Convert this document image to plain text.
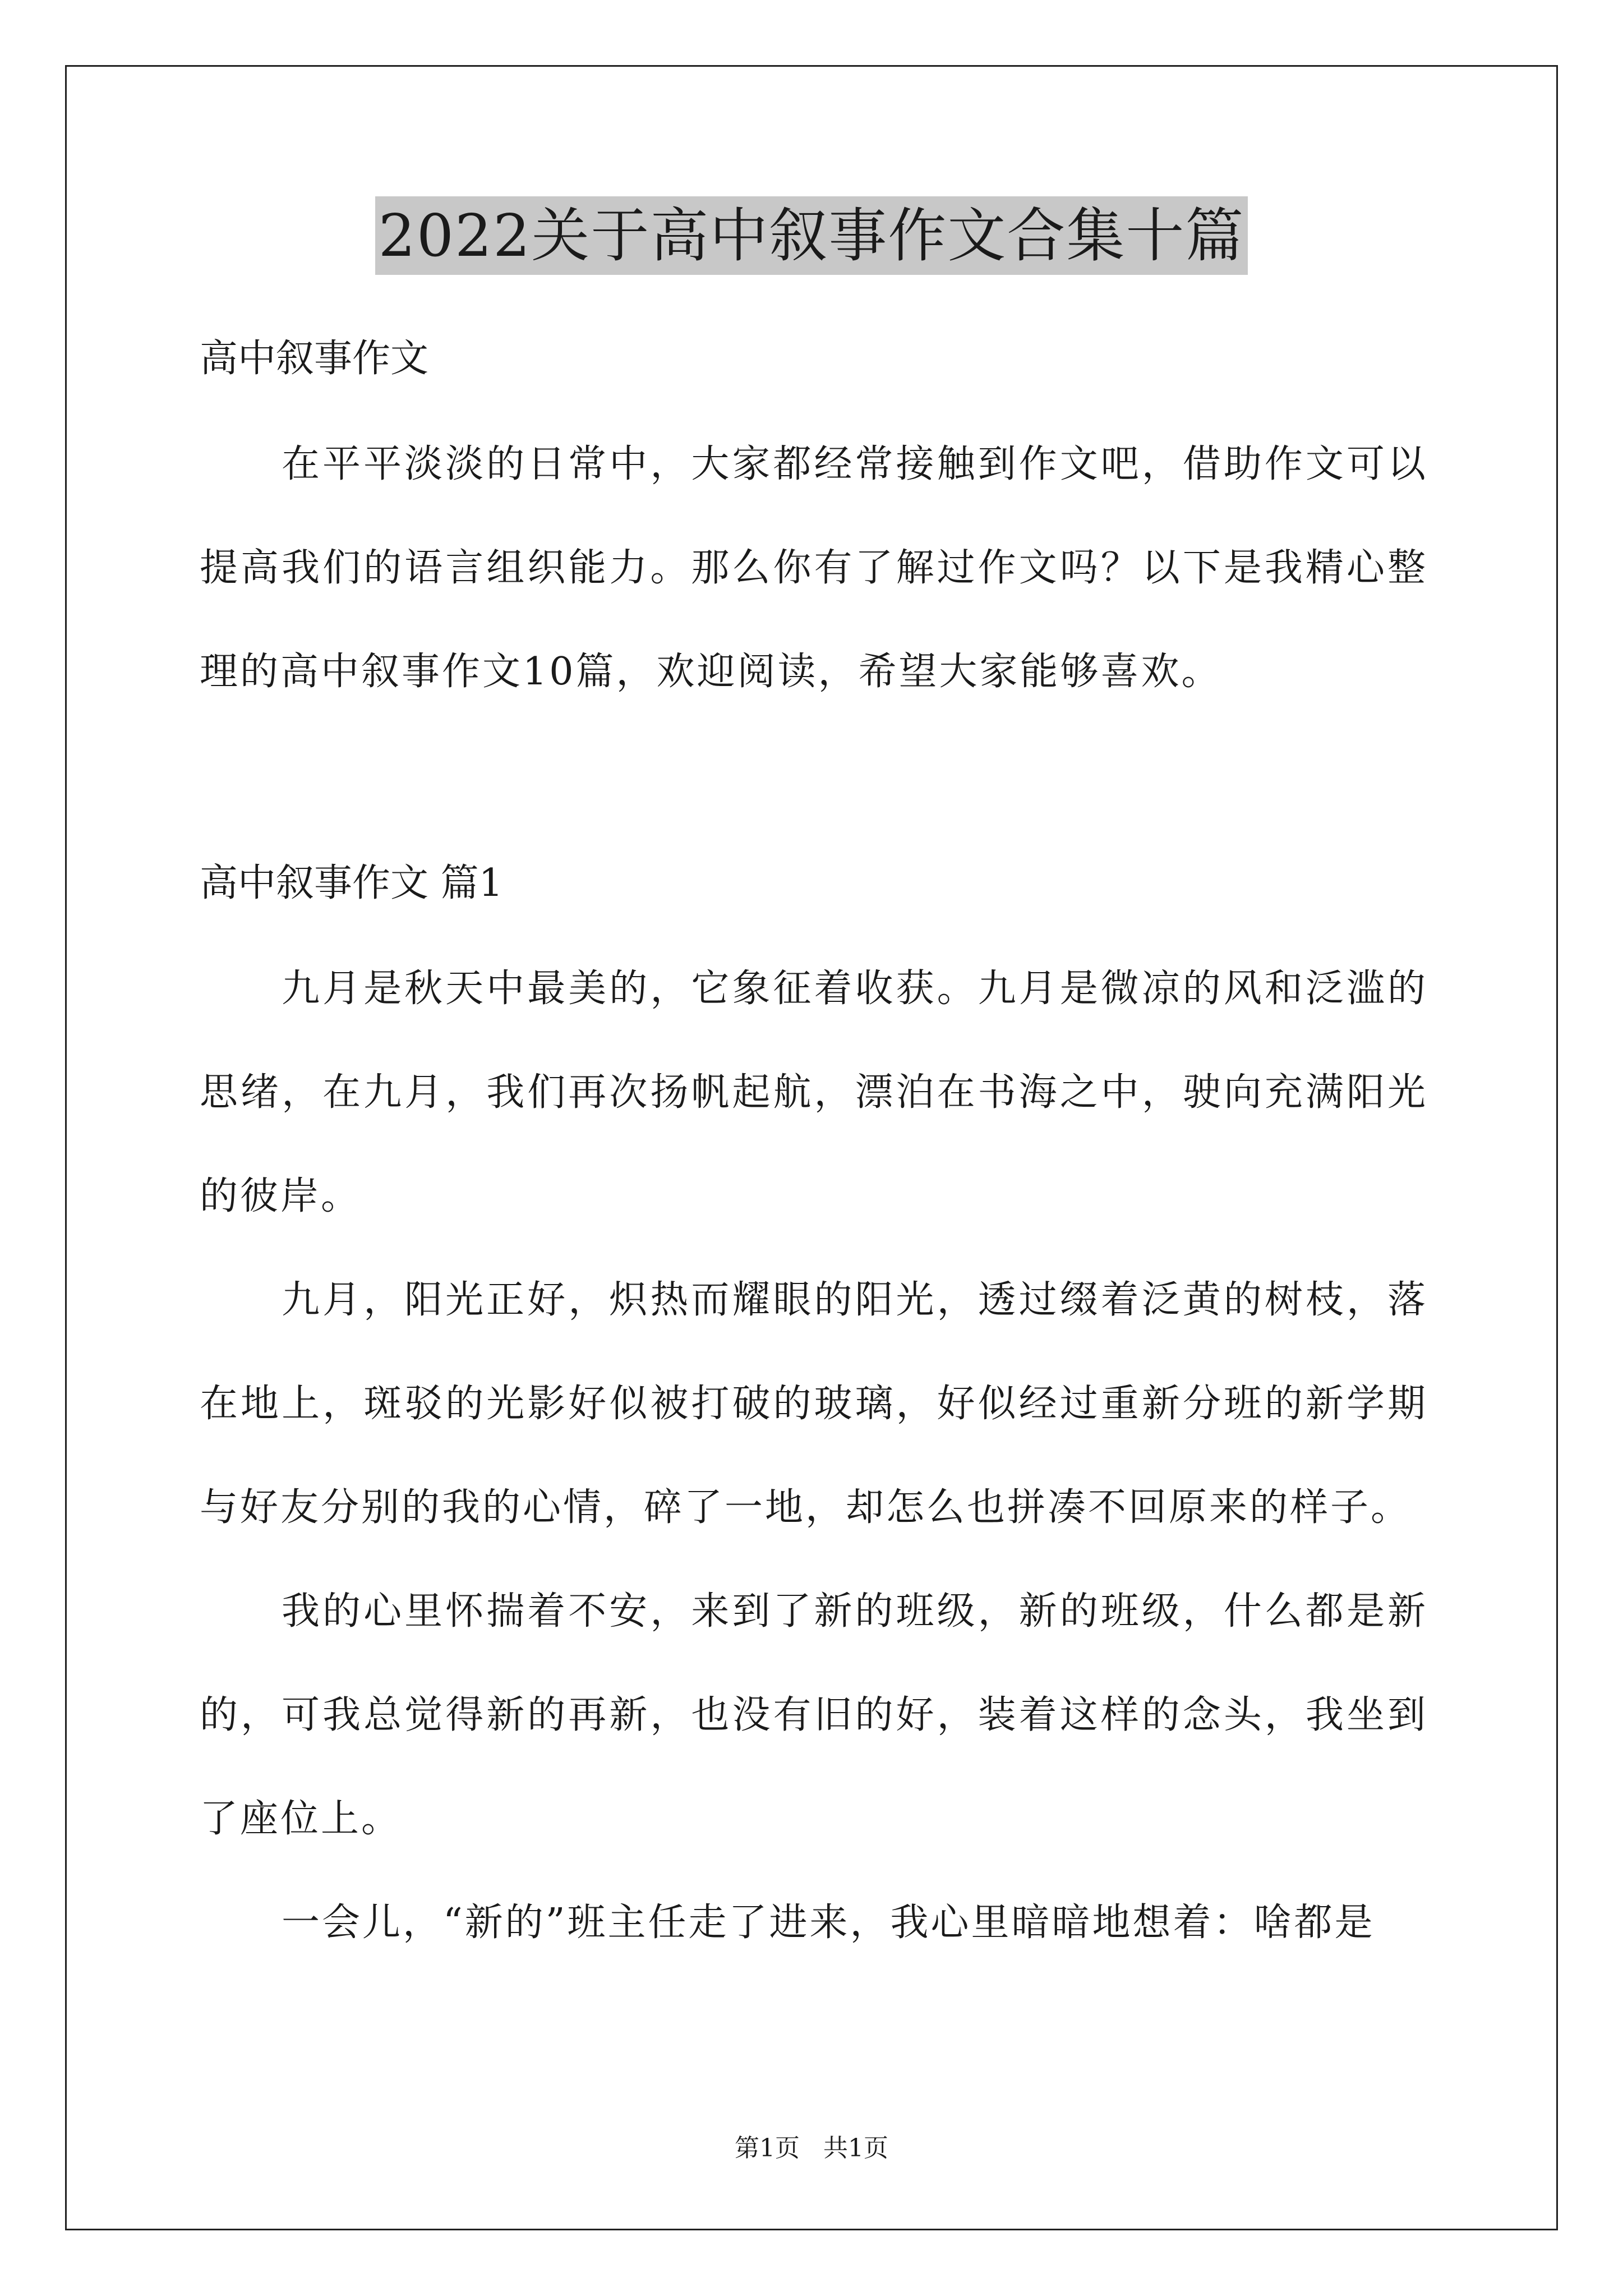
2022关于高中叙事作文合集十篇

高中叙事作文

在平平淡淡的日常中，大家都经常接触到作文吧，借助作文可以提高我们的语言组织能力。那么你有了解过作文吗？以下是我精心整理的高中叙事作文10篇，欢迎阅读，希望大家能够喜欢。

高中叙事作文 篇1

九月是秋天中最美的，它象征着收获。九月是微凉的风和泛滥的思绪，在九月，我们再次扬帆起航，漂泊在书海之中，驶向充满阳光的彼岸。

九月，阳光正好，炽热而耀眼的阳光，透过缀着泛黄的树枝，落在地上，斑驳的光影好似被打破的玻璃，好似经过重新分班的新学期与好友分别的我的心情，碎了一地，却怎么也拼凑不回原来的样子。

我的心里怀揣着不安，来到了新的班级，新的班级，什么都是新的，可我总觉得新的再新，也没有旧的好，装着这样的念头，我坐到了座位上。

一会儿，“新的”班主任走了进来，我心里暗暗地想着：啥都是

第1页 共1页
